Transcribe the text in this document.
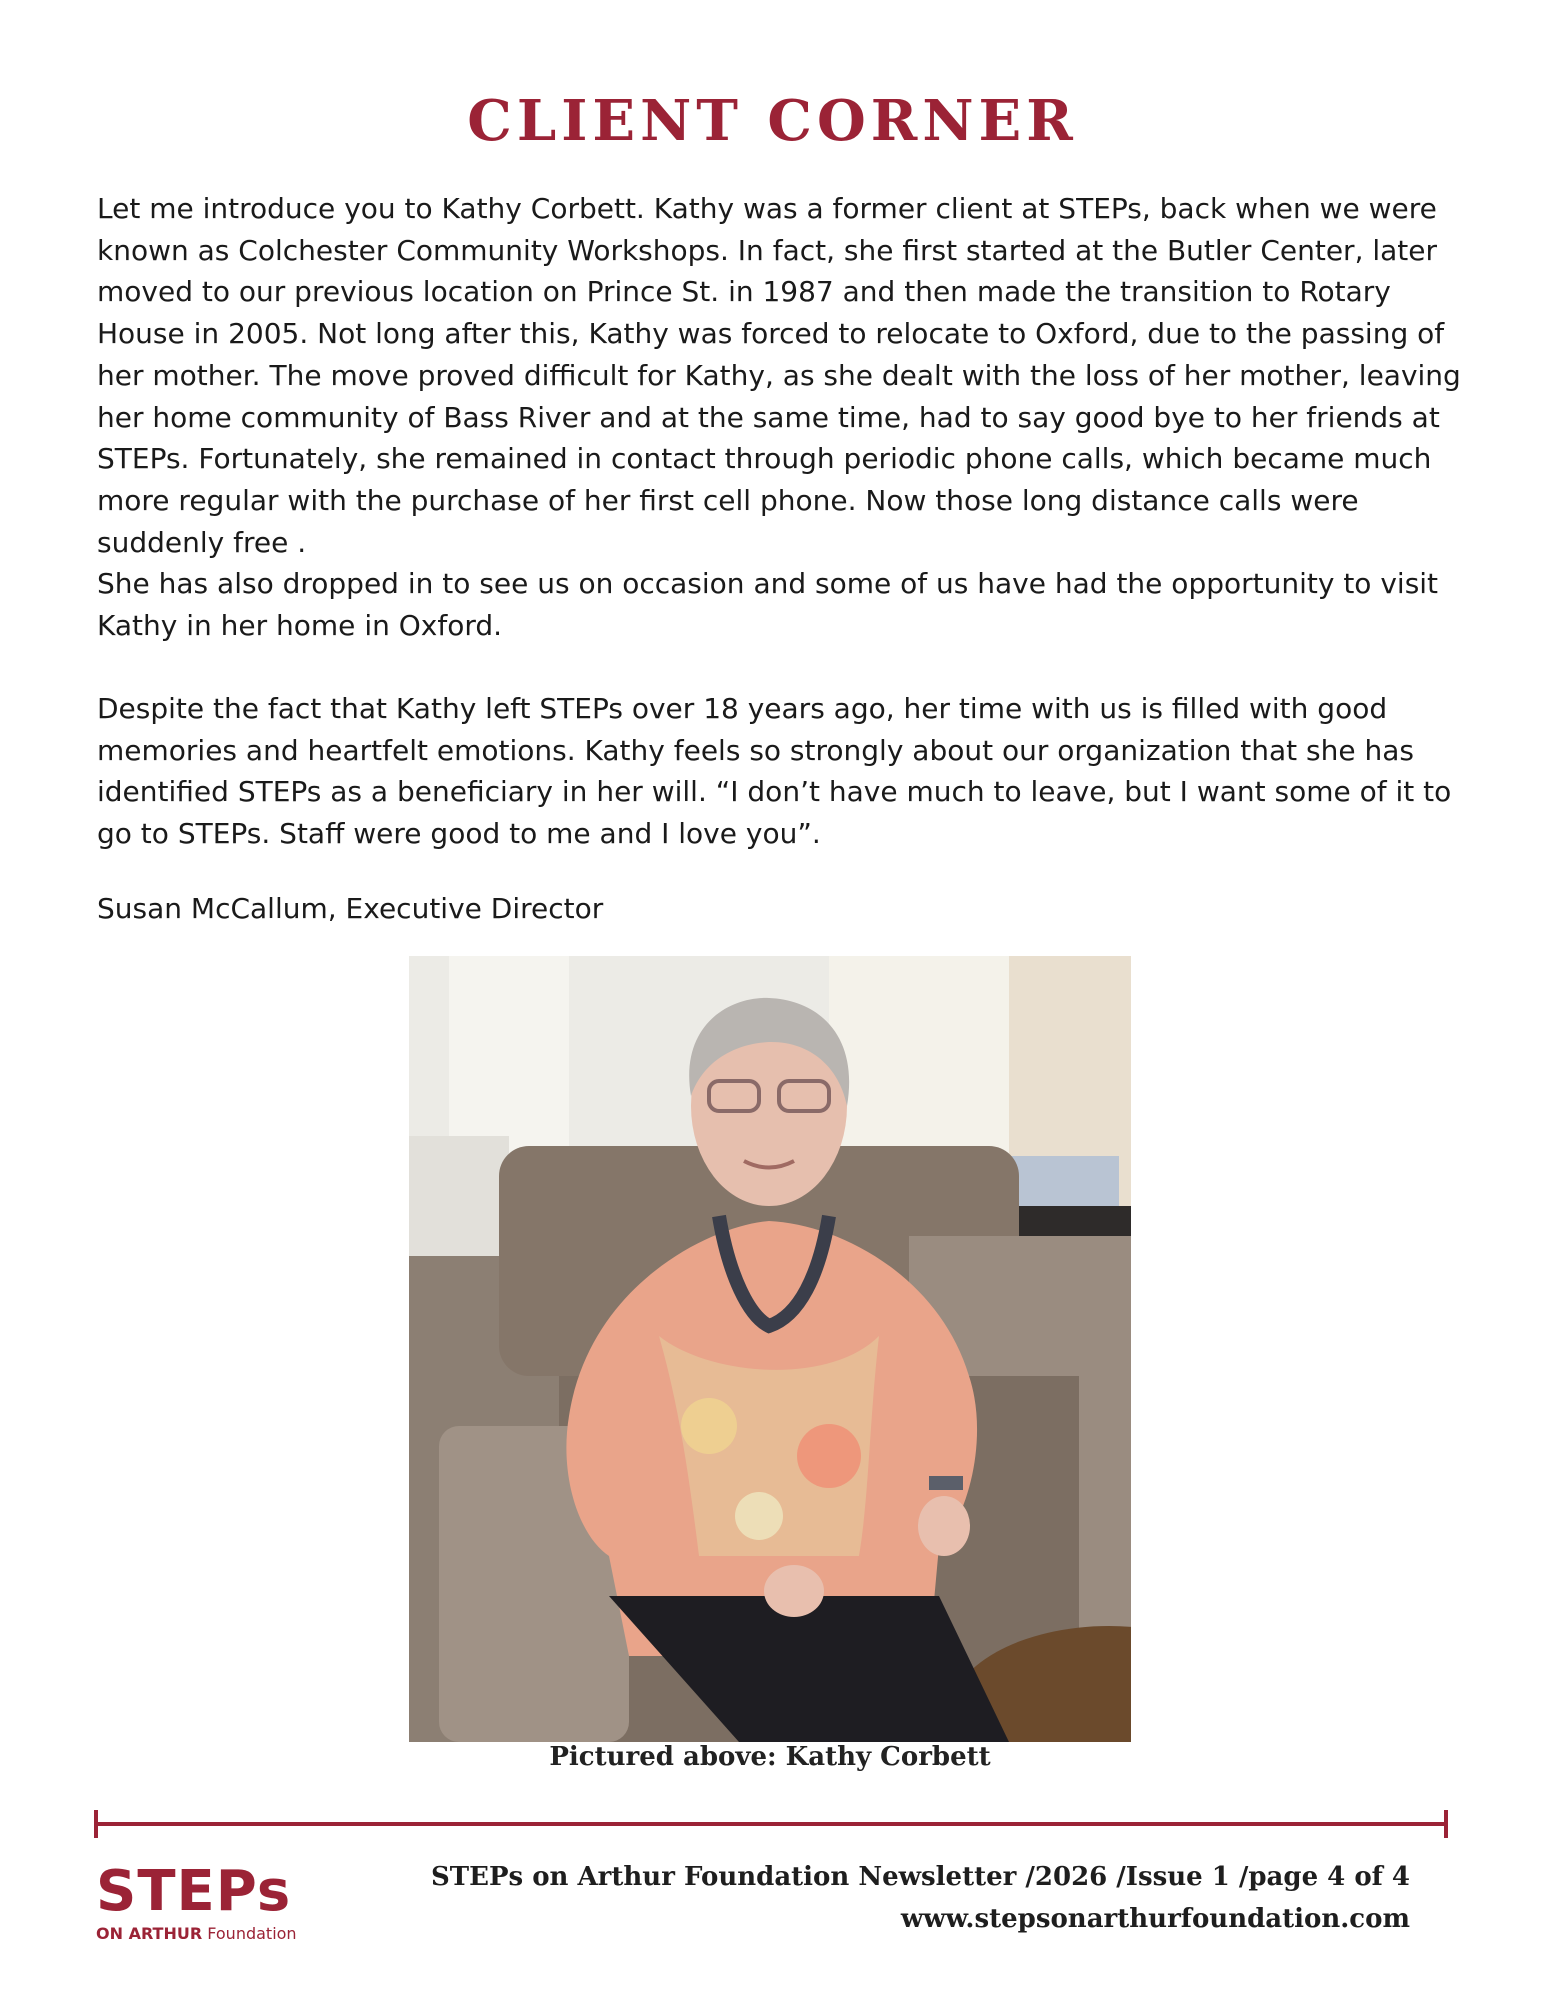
CLIENT CORNER

Let me introduce you to Kathy Corbett. Kathy was a former client at STEPs, back when we were known as Colchester Community Workshops. In fact, she first started at the Butler Center, later moved to our previous location on Prince St. in 1987 and then made the transition to Rotary House in 2005. Not long after this, Kathy was forced to relocate to Oxford, due to the passing of her mother. The move proved difficult for Kathy, as she dealt with the loss of her mother, leaving her home community of Bass River and at the same time, had to say good bye to her friends at STEPs. Fortunately, she remained in contact through periodic phone calls, which became much more regular with the purchase of her first cell phone. Now those long distance calls were suddenly free .

She has also dropped in to see us on occasion and some of us have had the opportunity to visit Kathy in her home in Oxford.

Despite the fact that Kathy left STEPs over 18 years ago, her time with us is filled with good memories and heartfelt emotions. Kathy feels so strongly about our organization that she has identified STEPs as a beneficiary in her will. “I don’t have much to leave, but I want some of it to go to STEPs. Staff were good to me and I love you”.

Susan McCallum, Executive Director
Pictured above: Kathy Corbett
STEPs
ON ARTHUR Foundation
STEPs on Arthur Foundation Newsletter /2026 /Issue 1 /page 4 of 4
www.stepsonarthurfoundation.com
